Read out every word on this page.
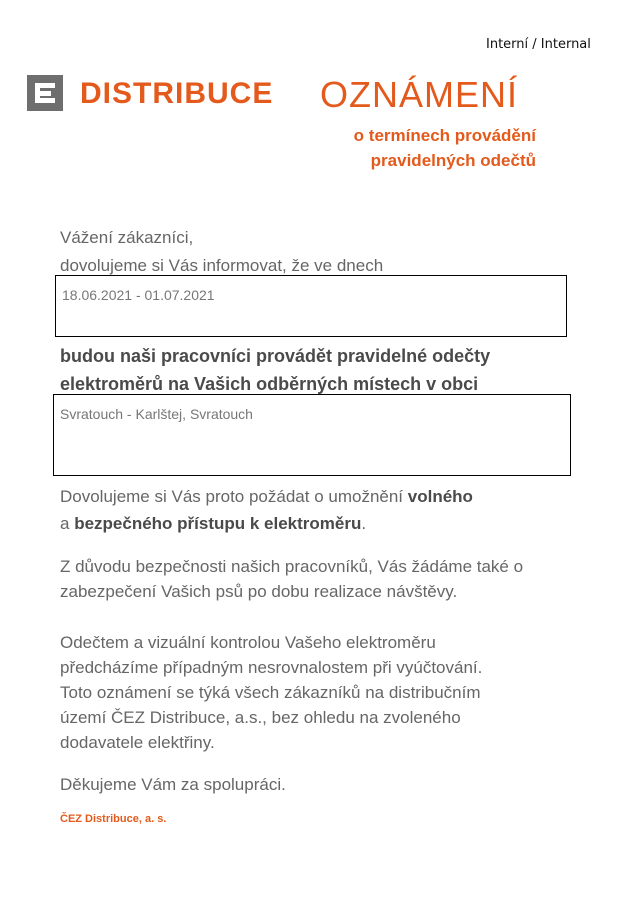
Interní / Internal
DISTRIBUCE OZNÁMENÍ
o termínech provádění
pravidelných odečtů
Vážení zákazníci,
dovolujeme si Vás informovat, že ve dnech
18.06.2021 - 01.07.2021
budou naši pracovníci provádět pravidelné odečty
elektroměrů na Vašich odběrných místech v obci
Svratouch - Karlštej, Svratouch
Dovolujeme si Vás proto požádat o umožnění volného
a bezpečného přístupu k elektroměru.
Z důvodu bezpečnosti našich pracovníků, Vás žádáme také o
zabezpečení Vašich psů po dobu realizace návštěvy.
Odečtem a vizuální kontrolou Vašeho elektroměru
předcházíme případným nesrovnalostem při vyúčtování.
Toto oznámení se týká všech zákazníků na distribučním
území ČEZ Distribuce, a.s., bez ohledu na zvoleného
dodavatele elektřiny.
Děkujeme Vám za spolupráci.
ČEZ Distribuce, a. s.
